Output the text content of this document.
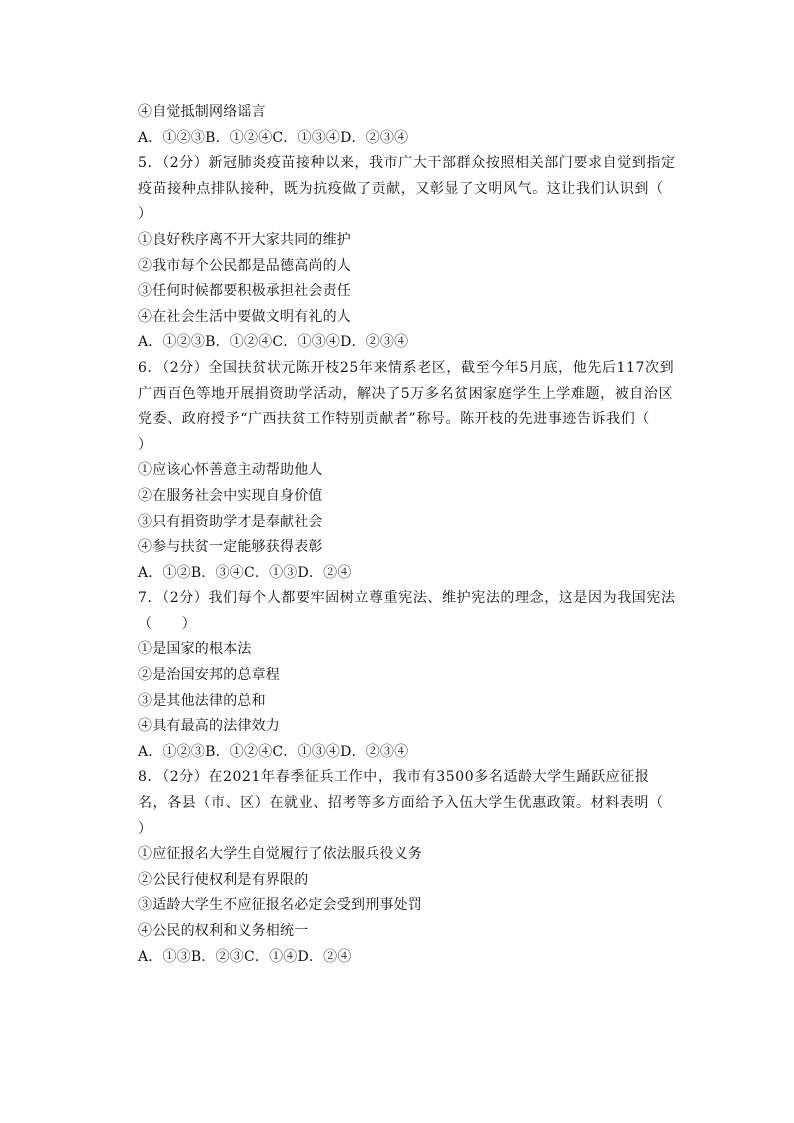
④自觉抵制网络谣言
A．①②③B．①②④C．①③④D．②③④
5．（2分）新冠肺炎疫苗接种以来，我市广大干部群众按照相关部门要求自觉到指定疫苗接种点排队接种，既为抗疫做了贡献，又彰显了文明风气。这让我们认识到（　　）
①良好秩序离不开大家共同的维护
②我市每个公民都是品德高尚的人
③任何时候都要积极承担社会责任
④在社会生活中要做文明有礼的人
A．①②③B．①②④C．①③④D．②③④
6．（2分）全国扶贫状元陈开枝25年来情系老区，截至今年5月底，他先后117次到广西百色等地开展捐资助学活动，解决了5万多名贫困家庭学生上学难题，被自治区党委、政府授予“广西扶贫工作特别贡献者”称号。陈开枝的先进事迹告诉我们（　　）
①应该心怀善意主动帮助他人
②在服务社会中实现自身价值
③只有捐资助学才是奉献社会
④参与扶贫一定能够获得表彰
A．①②B．③④C．①③D．②④
7．（2分）我们每个人都要牢固树立尊重宪法、维护宪法的理念，这是因为我国宪法（　　）
①是国家的根本法
②是治国安邦的总章程
③是其他法律的总和
④具有最高的法律效力
A．①②③B．①②④C．①③④D．②③④
8．（2分）在2021年春季征兵工作中，我市有3500多名适龄大学生踊跃应征报名，各县（市、区）在就业、招考等多方面给予入伍大学生优惠政策。材料表明（　　）
①应征报名大学生自觉履行了依法服兵役义务
②公民行使权利是有界限的
③适龄大学生不应征报名必定会受到刑事处罚
④公民的权利和义务相统一
A．①③B．②③C．①④D．②④
